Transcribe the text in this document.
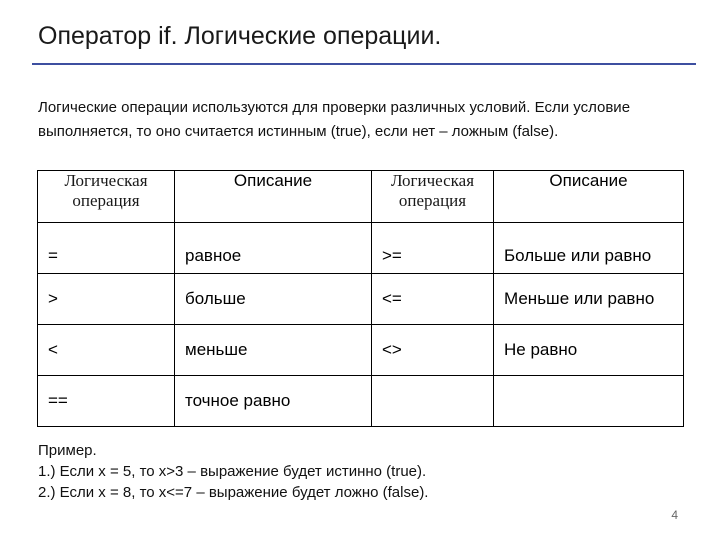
Оператор if. Логические операции.
Логические операции используются для проверки различных условий. Если условие выполняется, то оно считается истинным (true), если нет – ложным (false).
Логическая операция	Описание	Логическая операция	Описание
=	равное	>=	Больше или равно
>	больше	<=	Меньше или равно
<	меньше	<>	Не равно
==	точное равно		
Пример.
1.) Если x = 5, то x>3 – выражение будет истинно (true).
2.) Если x = 8, то x<=7 – выражение будет ложно (false).
4
